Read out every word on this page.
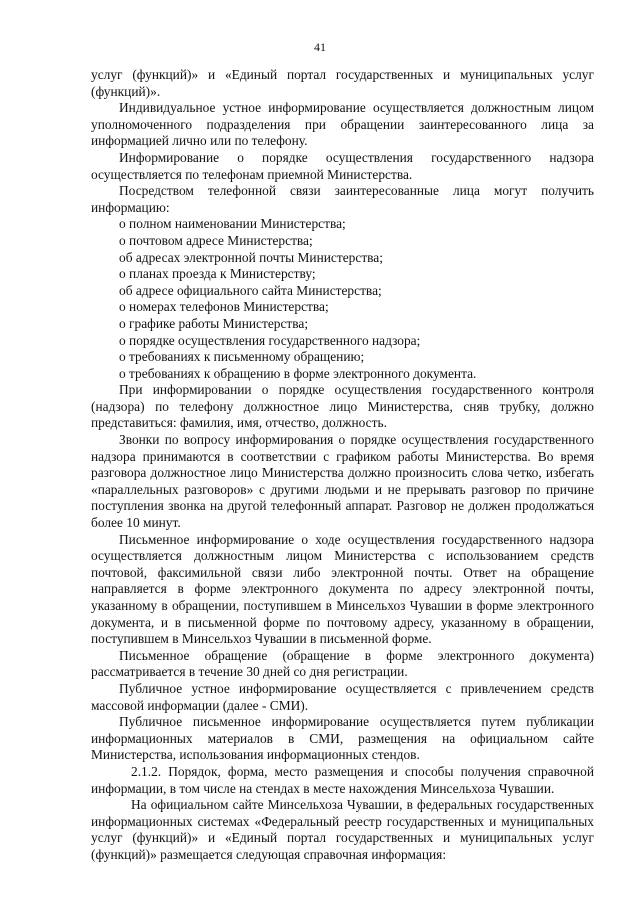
41

услуг (функций)» и «Единый портал государственных и муниципальных услуг (функций)».

Индивидуальное устное информирование осуществляется должностным лицом уполномоченного подразделения при обращении заинтересованного лица за информацией лично или по телефону.

Информирование о порядке осуществления государственного надзора осуществляется по телефонам приемной Министерства.

Посредством телефонной связи заинтересованные лица могут получить информацию:

о полном наименовании Министерства;

о почтовом адресе Министерства;

об адресах электронной почты Министерства;

о планах проезда к Министерству;

об адресе официального сайта Министерства;

о номерах телефонов Министерства;

о графике работы Министерства;

о порядке осуществления государственного надзора;

о требованиях к письменному обращению;

о требованиях к обращению в форме электронного документа.

При информировании о порядке осуществления государственного контроля (надзора) по телефону должностное лицо Министерства, сняв трубку, должно представиться: фамилия, имя, отчество, должность.

Звонки по вопросу информирования о порядке осуществления государственного надзора принимаются в соответствии с графиком работы Министерства. Во время разговора должностное лицо Министерства должно произносить слова четко, избегать «параллельных разговоров» с другими людьми и не прерывать разговор по причине поступления звонка на другой телефонный аппарат. Разговор не должен продолжаться более 10 минут.

Письменное информирование о ходе осуществления государственного надзора осуществляется должностным лицом Министерства с использованием средств почтовой, факсимильной связи либо электронной почты. Ответ на обращение направляется в форме электронного документа по адресу электронной почты, указанному в обращении, поступившем в Минсельхоз Чувашии в форме электронного документа, и в письменной форме по почтовому адресу, указанному в обращении, поступившем в Минсельхоз Чувашии в письменной форме.

Письменное обращение (обращение в форме электронного документа) рассматривается в течение 30 дней со дня регистрации.

Публичное устное информирование осуществляется с привлечением средств массовой информации (далее - СМИ).

Публичное письменное информирование осуществляется путем публикации информационных материалов в СМИ, размещения на официальном сайте Министерства, использования информационных стендов.

2.1.2. Порядок, форма, место размещения и способы получения справочной информации, в том числе на стендах в месте нахождения Минсельхоза Чувашии.

На официальном сайте Минсельхоза Чувашии, в федеральных государственных информационных системах «Федеральный реестр государственных и муниципальных услуг (функций)» и «Единый портал государственных и муниципальных услуг (функций)» размещается следующая справочная информация:
